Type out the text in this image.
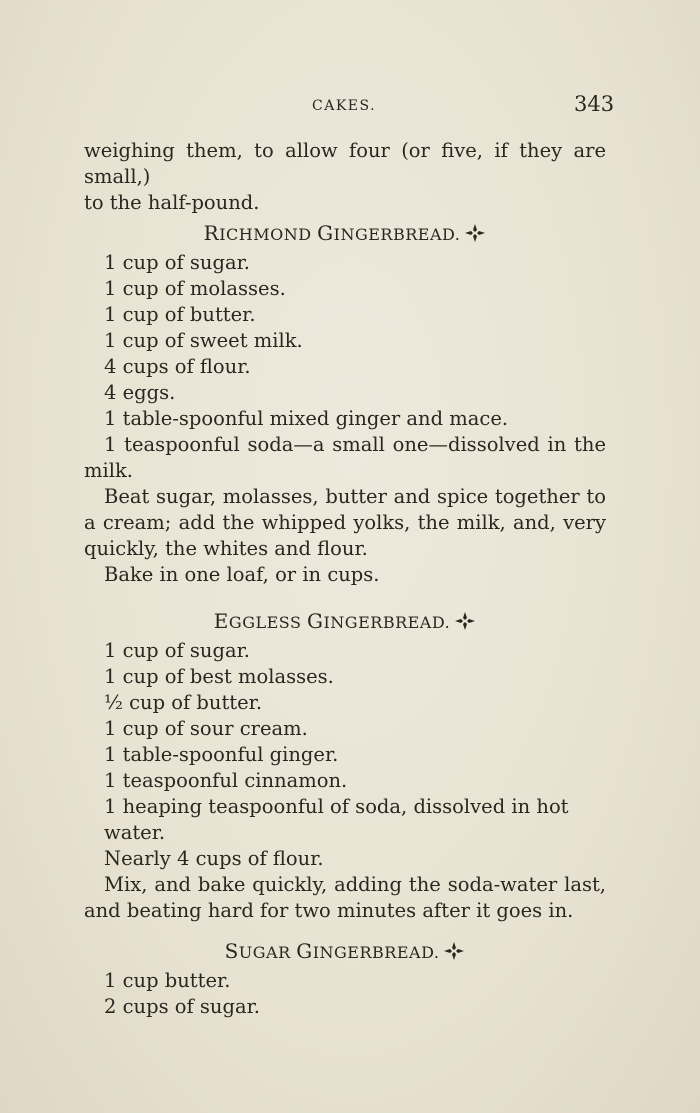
CAKES.	343

weighing them, to allow four (or five, if they are small,)

to the half-pound.

RICHMOND GINGERBREAD.

1 cup of sugar.

1 cup of molasses.

1 cup of butter.

1 cup of sweet milk.

4 cups of flour.

4 eggs.

1 table-spoonful mixed ginger and mace.

1 teaspoonful soda—a small one—dissolved in the milk.

Beat sugar, molasses, butter and spice together to a cream; add the whipped yolks, the milk, and, very quickly, the whites and flour.

Bake in one loaf, or in cups.

EGGLESS GINGERBREAD.

1 cup of sugar.

1 cup of best molasses.

½ cup of butter.

1 cup of sour cream.

1 table-spoonful ginger.

1 teaspoonful cinnamon.

1 heaping teaspoonful of soda, dissolved in hot water.

Nearly 4 cups of flour.

Mix, and bake quickly, adding the soda-water last, and beating hard for two minutes after it goes in.

SUGAR GINGERBREAD.

1 cup butter.

2 cups of sugar.
